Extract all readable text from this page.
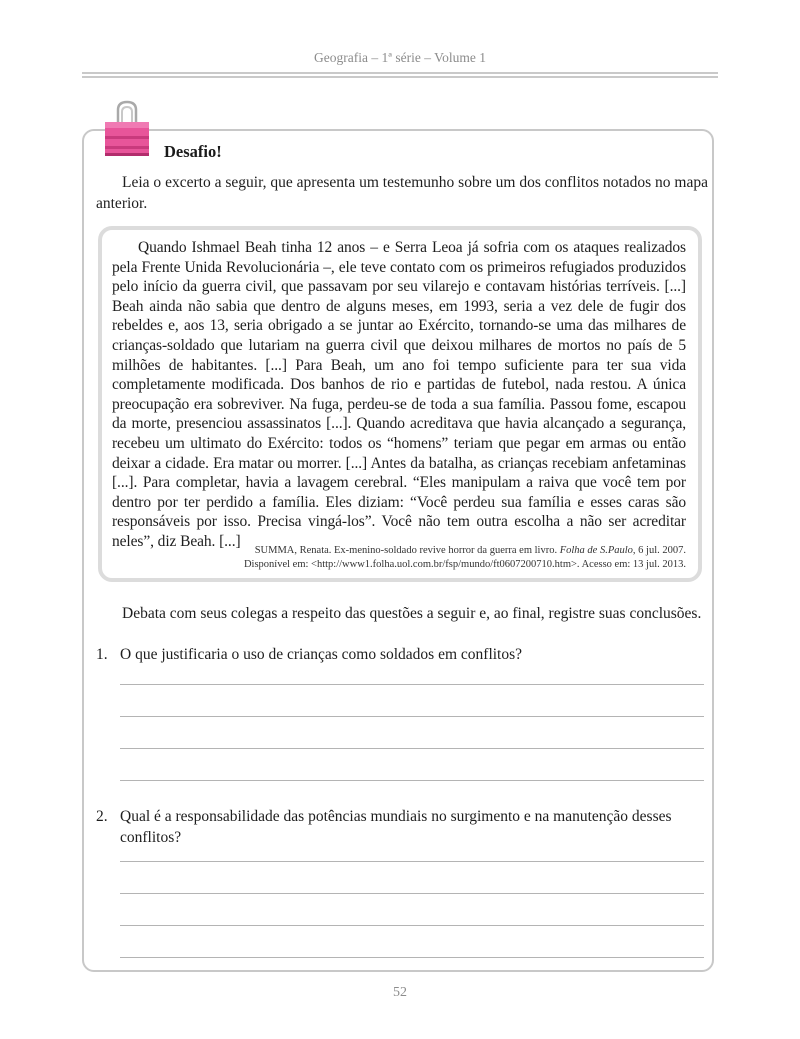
Geografia – 1ª série – Volume 1
Desafio!
Leia o excerto a seguir, que apresenta um testemunho sobre um dos conflitos notados no mapa anterior.
Quando Ishmael Beah tinha 12 anos – e Serra Leoa já sofria com os ataques realizados pela Frente Unida Revolucionária –, ele teve contato com os primeiros refugiados produzidos pelo início da guerra civil, que passavam por seu vilarejo e contavam histórias terríveis. [...] Beah ainda não sabia que dentro de alguns meses, em 1993, seria a vez dele de fugir dos rebeldes e, aos 13, seria obrigado a se juntar ao Exército, tornando-se uma das milhares de crianças-soldado que lutariam na guerra civil que deixou milhares de mortos no país de 5 milhões de habitantes. [...] Para Beah, um ano foi tempo suficiente para ter sua vida completamente modificada. Dos banhos de rio e partidas de futebol, nada restou. A única preocupação era sobreviver. Na fuga, perdeu-se de toda a sua família. Passou fome, escapou da morte, presenciou assassinatos [...]. Quando acreditava que havia alcançado a segurança, recebeu um ultimato do Exército: todos os “homens” teriam que pegar em armas ou então deixar a cidade. Era matar ou morrer. [...] Antes da batalha, as crianças recebiam anfetaminas [...]. Para completar, havia a lavagem cerebral. “Eles manipulam a raiva que você tem por dentro por ter perdido a família. Eles diziam: “Você perdeu sua família e esses caras são responsáveis por isso. Precisa vingá-los”. Você não tem outra escolha a não ser acreditar neles”, diz Beah. [...]
SUMMA, Renata. Ex-menino-soldado revive horror da guerra em livro. Folha de S.Paulo, 6 jul. 2007.
Disponível em: <http://www1.folha.uol.com.br/fsp/mundo/ft0607200710.htm>. Acesso em: 13 jul. 2013.
Debata com seus colegas a respeito das questões a seguir e, ao final, registre suas conclusões.
1. O que justificaria o uso de crianças como soldados em conflitos?
2. Qual é a responsabilidade das potências mundiais no surgimento e na manutenção desses conflitos?
52
